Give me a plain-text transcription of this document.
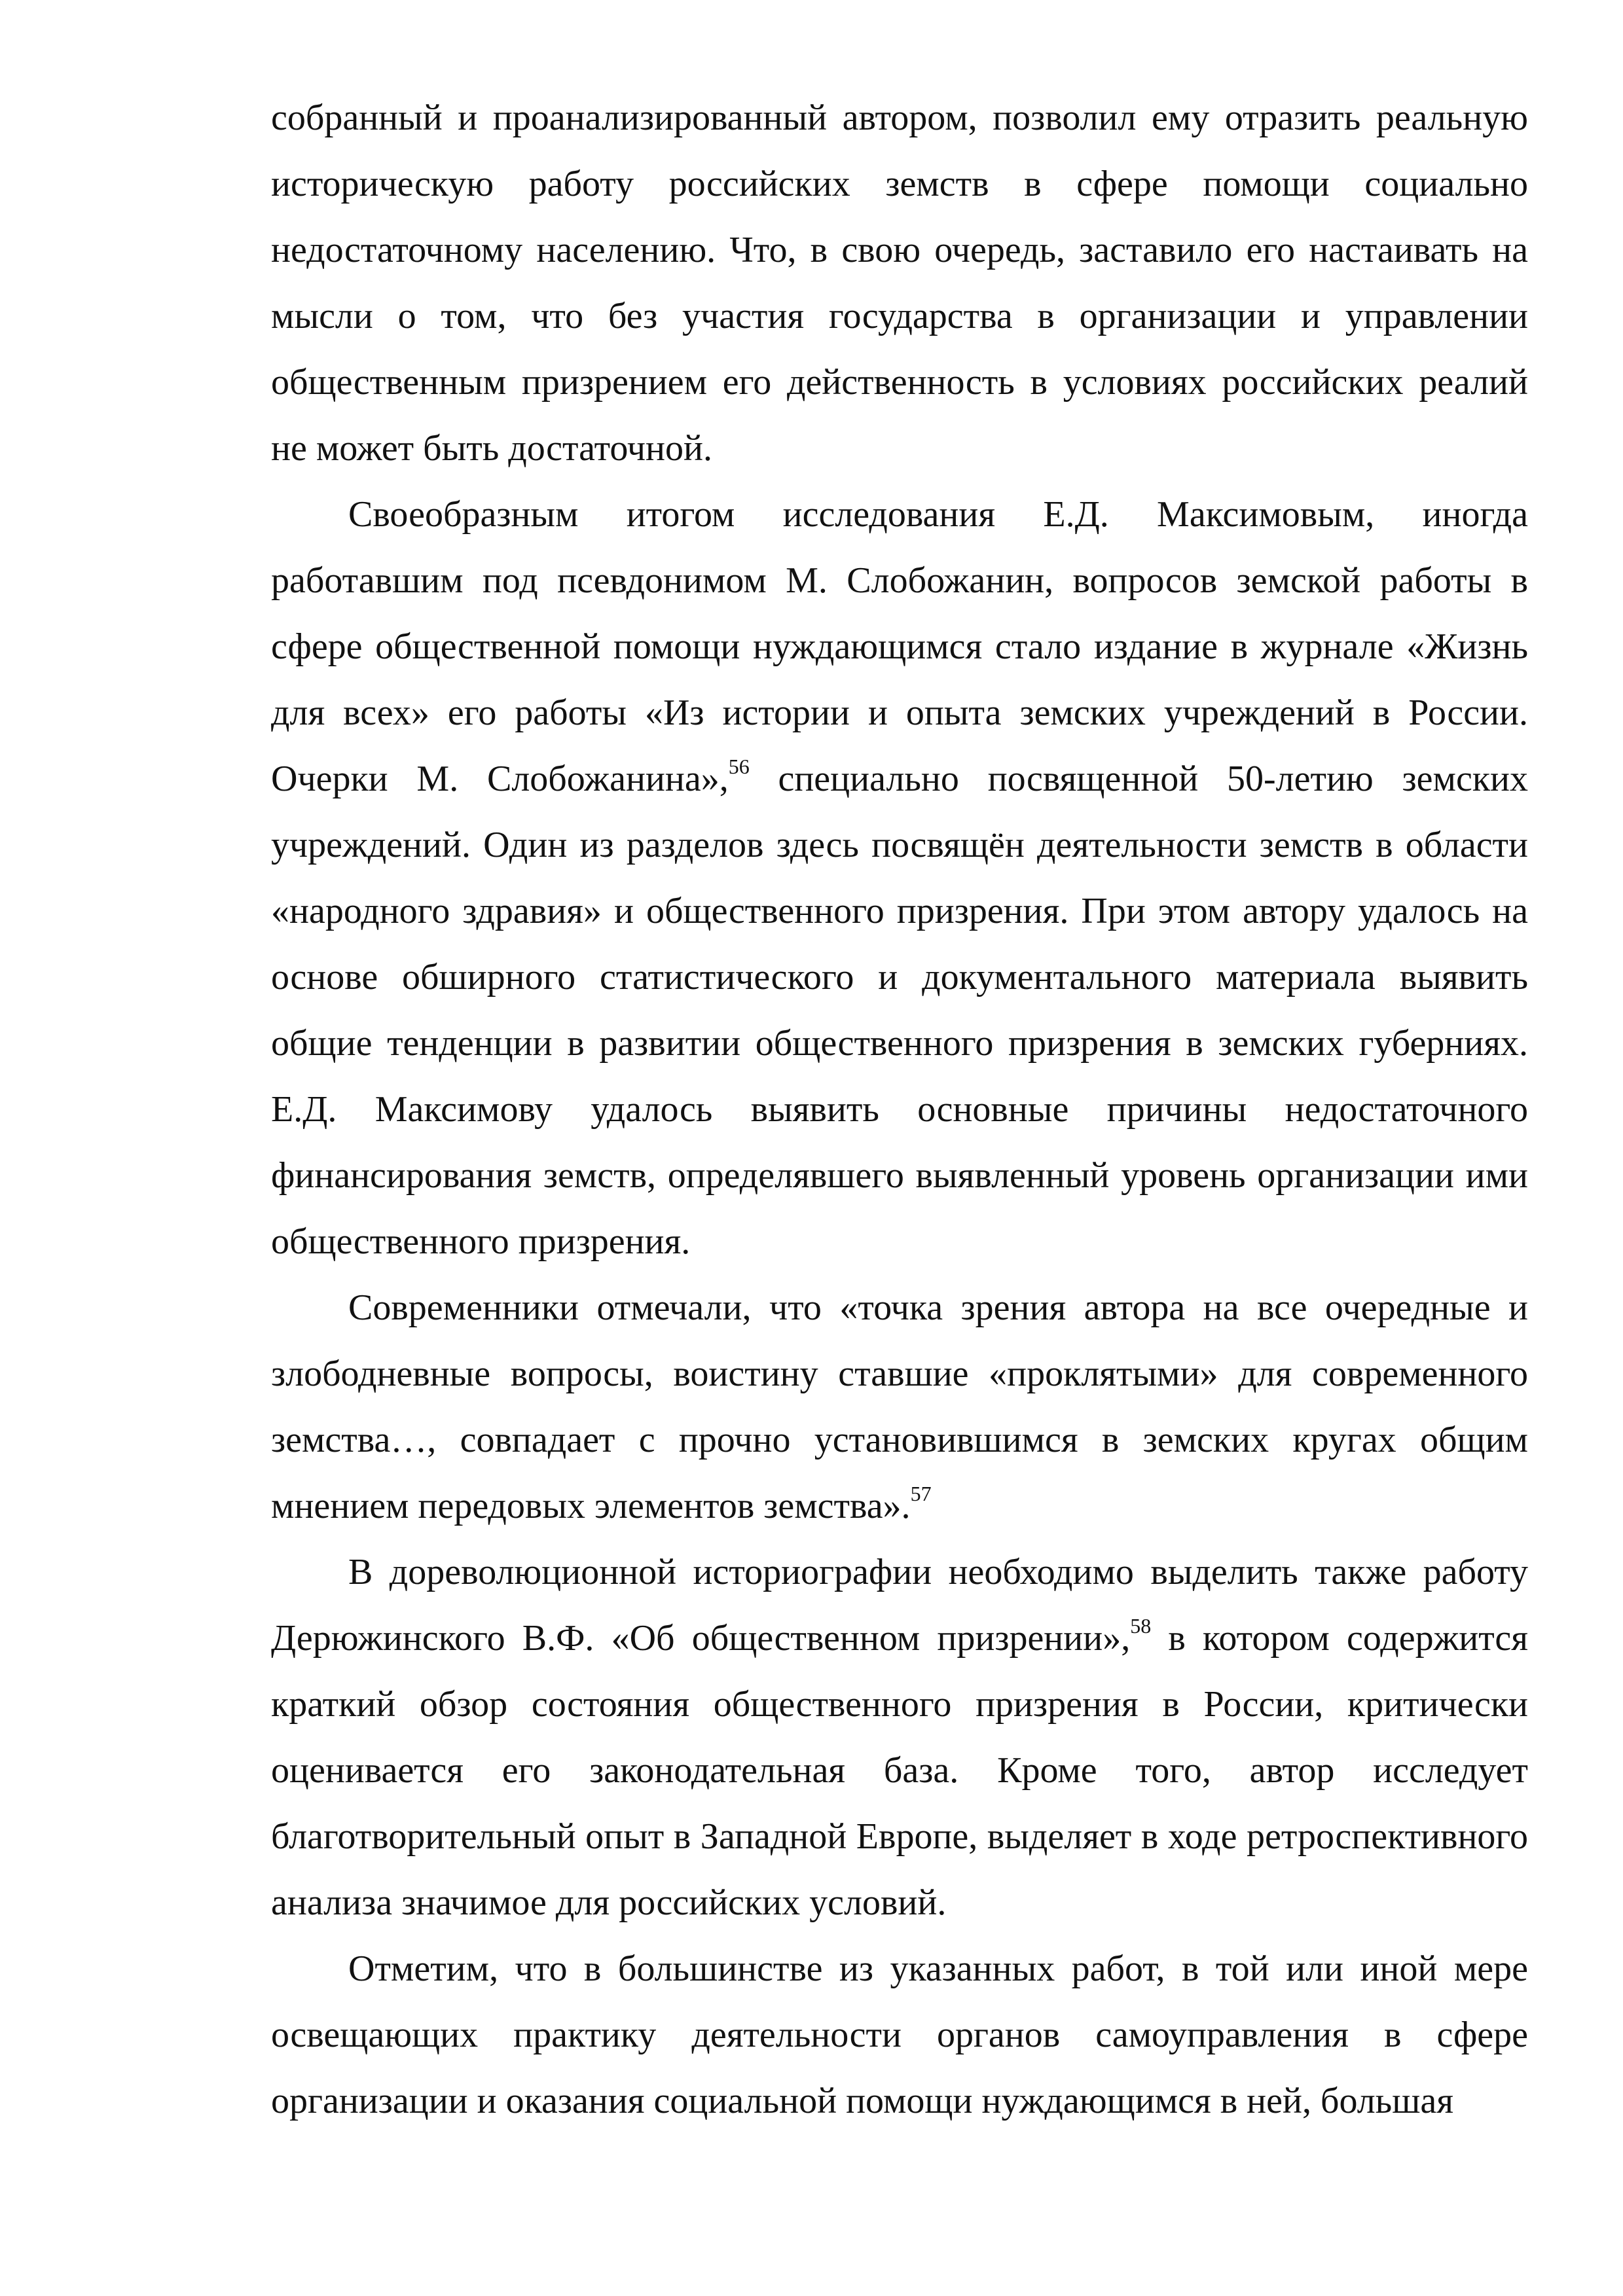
собранный и проанализированный автором, позволил ему отразить реальную историческую работу российских земств в сфере помощи социально недостаточному населению. Что, в свою очередь, заставило его настаивать на мысли о том, что без участия государства в организации и управлении общественным призрением его действенность в условиях российских реалий не может быть достаточной.

Своеобразным итогом исследования Е.Д. Максимовым, иногда работавшим под псевдонимом М. Слобожанин, вопросов земской работы в сфере общественной помощи нуждающимся стало издание в журнале «Жизнь для всех» его работы «Из истории и опыта земских учреждений в России. Очерки М. Слобожанина»,$^{56}$ специально посвященной 50-летию земских учреждений. Один из разделов здесь посвящён деятельности земств в области «народного здравия» и общественного призрения. При этом автору удалось на основе обширного статистического и документального материала выявить общие тенденции в развитии общественного призрения в земских губерниях. Е.Д. Максимову удалось выявить основные причины недостаточного финансирования земств, определявшего выявленный уровень организации ими общественного призрения.

Современники отмечали, что «точка зрения автора на все очередные и злободневные вопросы, воистину ставшие «проклятыми» для современного земства…, совпадает с прочно установившимся в земских кругах общим мнением передовых элементов земства».$^{57}$

В дореволюционной историографии необходимо выделить также работу Дерюжинского В.Ф. «Об общественном призрении»,$^{58}$ в котором содержится краткий обзор состояния общественного призрения в России, критически оценивается его законодательная база. Кроме того, автор исследует благотворительный опыт в Западной Европе, выделяет в ходе ретроспективного анализа значимое для российских условий.

Отметим, что в большинстве из указанных работ, в той или иной мере освещающих практику деятельности органов самоуправления в сфере организации и оказания социальной помощи нуждающимся в ней, большая
